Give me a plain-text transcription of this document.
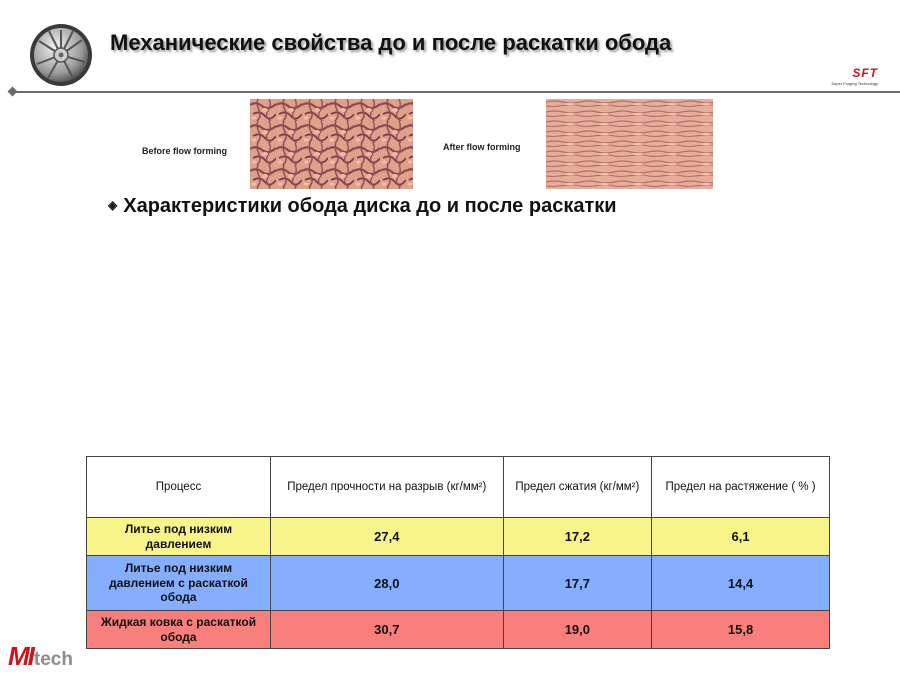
Механические свойства до и после раскатки обода
SFT
Super Forging Technology
Before flow forming	After flow forming
◈ Характеристики обода диска до и после раскатки
Процесс	Предел прочности на разрыв (кг/мм²)	Предел сжатия (кг/мм²)	Предел на растяжение ( % )
Литье под низким давлением	27,4	17,2	6,1
Литье под низким давлением с раскаткой обода	28,0	17,7	14,4
Жидкая ковка с раскаткой обода	30,7	19,0	15,8
MItech
